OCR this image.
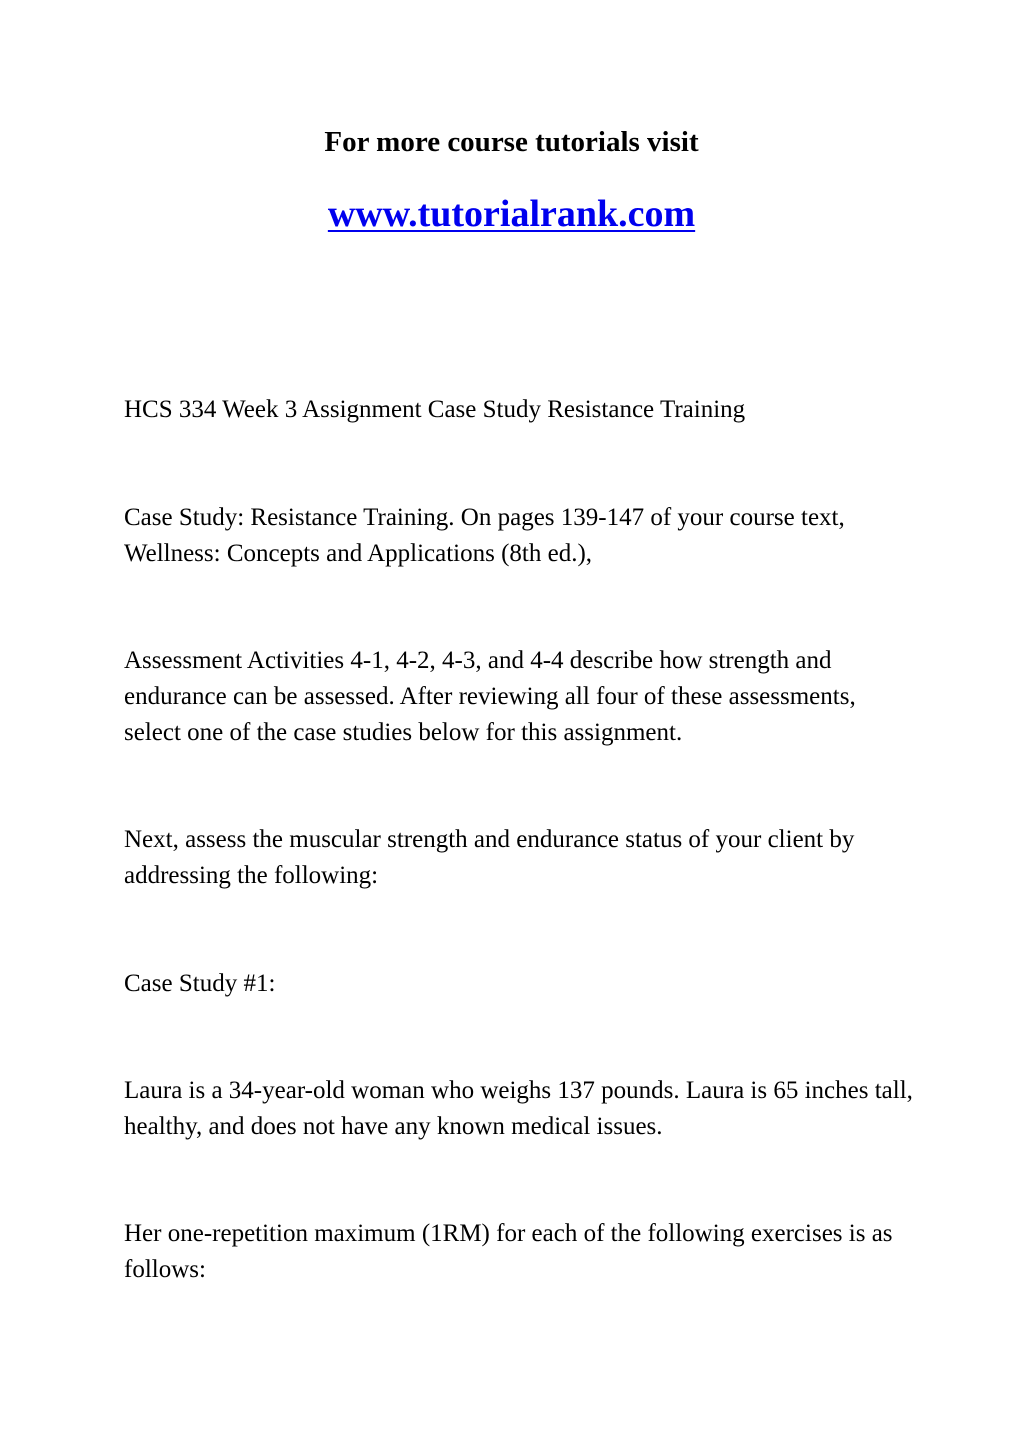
For more course tutorials visit

www.tutorialrank.com

HCS 334 Week 3 Assignment Case Study Resistance Training

Case Study: Resistance Training. On pages 139-147 of your course text, Wellness: Concepts and Applications (8th ed.),

Assessment Activities 4-1, 4-2, 4-3, and 4-4 describe how strength and endurance can be assessed. After reviewing all four of these assessments, select one of the case studies below for this assignment.

Next, assess the muscular strength and endurance status of your client by addressing the following:

Case Study #1:

Laura is a 34-year-old woman who weighs 137 pounds. Laura is 65 inches tall, healthy, and does not have any known medical issues.

Her one-repetition maximum (1RM) for each of the following exercises is as follows:
